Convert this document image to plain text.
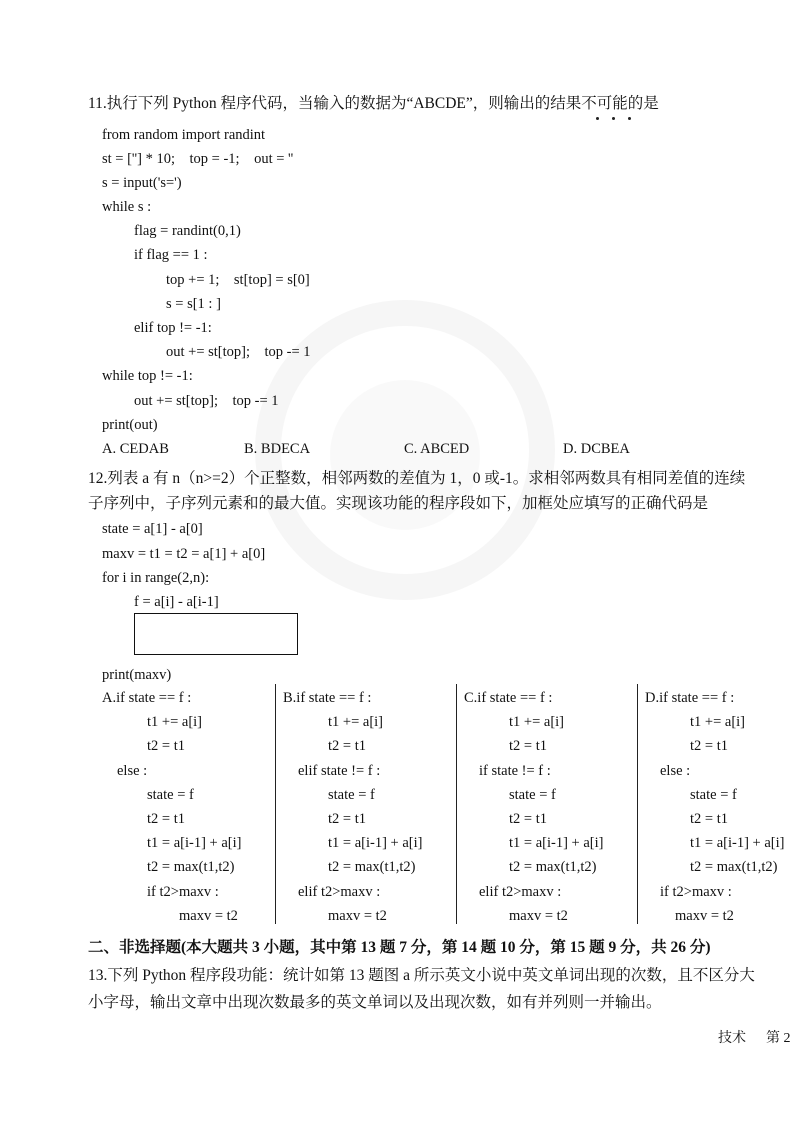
11.执行下列 Python 程序代码，当输入的数据为“ABCDE”，则输出的结果不可能的是
from random import randint
st = [''] * 10;    top = -1;    out = ''
s = input('s=')
while s :
flag = randint(0,1)
if flag == 1 :
top += 1;    st[top] = s[0]
s = s[1 : ]
elif top != -1:
out += st[top];    top -= 1
while top != -1:
out += st[top];    top -= 1
print(out)
A. CEDAB	B. BDECA	C. ABCED	D. DCBEA
12.列表 a 有 n（n>=2）个正整数，相邻两数的差值为 1，0 或-1。求相邻两数具有相同差值的连续
子序列中，子序列元素和的最大值。实现该功能的程序段如下，加框处应填写的正确代码是
state = a[1] - a[0]
maxv = t1 = t2 = a[1] + a[0]
for i in range(2,n):
f = a[i] - a[i-1]
print(maxv)
A.if state == f :
t1 += a[i]
t2 = t1
else :
state = f
t2 = t1
t1 = a[i-1] + a[i]
t2 = max(t1,t2)
if t2>maxv :
maxv = t2
B.if state == f :
t1 += a[i]
t2 = t1
elif state != f :
state = f
t2 = t1
t1 = a[i-1] + a[i]
t2 = max(t1,t2)
elif t2>maxv :
maxv = t2
C.if state == f :
t1 += a[i]
t2 = t1
if state != f :
state = f
t2 = t1
t1 = a[i-1] + a[i]
t2 = max(t1,t2)
elif t2>maxv :
maxv = t2
D.if state == f :
t1 += a[i]
t2 = t1
else :
state = f
t2 = t1
t1 = a[i-1] + a[i]
t2 = max(t1,t2)
if t2>maxv :
maxv = t2
二、非选择题(本大题共 3 小题，其中第 13 题 7 分，第 14 题 10 分，第 15 题 9 分，共 26 分)
13.下列 Python 程序段功能：统计如第 13 题图 a 所示英文小说中英文单词出现的次数，且不区分大
小字母，输出文章中出现次数最多的英文单词以及出现次数，如有并列则一并输出。
技术 第 2
